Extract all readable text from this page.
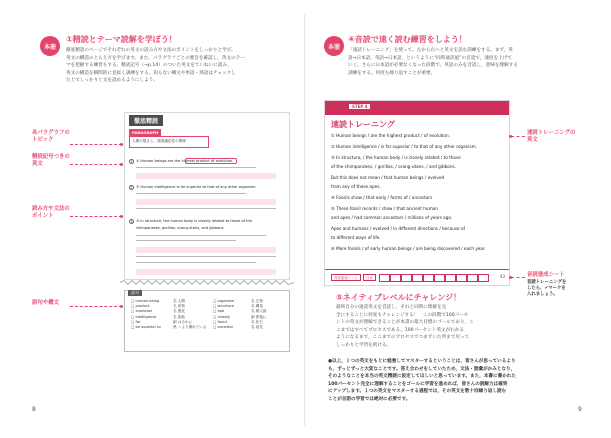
本冊
①精読とテーマ読解を学ぼう！
徹底精読のページでそれぞれの英文の読み方や文法のポイントをしっかりと学び,
英文の構造のとらえ方を学びます。また，パラグラフごとの要旨を確認し，英文のテー
マを把握する練習もする。精読記号（→p.14）のついた英文をていねいに読み，
英文の構造を瞬間的に見抜く訓練をする。知らない構文や単語・熟語はチェックし
た上でしっかりと文を読めるようにしよう。
各パラグラフの
トピック
精読記号つきの
英文
読み方や文法の
ポイント
語句や構文
徹底精読
PARAGRAPH
人間の強さと，環境適応性の関係
1 ① Human beings are the highest product of evolution.
2 ② Human intelligence is far superior to that of any other organism.
3 ③ In structure, the human body is closely related to those of the
chimpanzees, gorillas, orang-utans, and gibbons.
語句
□ human being
□ product
□ evolution
□ intelligence
□ far
□ be superior to
名 人間
名 産物
名 進化
名 知能
副 はるかに
熟 ～より優れている
□ organism
□ structure
□ ape
□ closely
□ fossil
□ ancestor
名 生物
名 構造
名 類人猿
副 密接に
名 化石
名 祖先
8
本冊
④音読で速く読む練習をしよう！
「速読トレーニング」を使って，左から右へと英文を読む訓練をする。まず，英
語→日本語，英語→日本語，というように“同時通訳風”の音読で，速度を上げて
いく。さらに日本語が必要なくなった段階で，英語のみを音読し，意味を理解する
訓練をする。何度も繰り返すことが重要。
STEP 4
速読トレーニング
① Human beings / are the highest product / of evolution.
② Human intelligence / is far superior / to that of any other organism.
③ In structure, / the human body / is closely related / to those
of the chimpanzees, / gorillas, / orang-utans, / and gibbons.
But this does not mean / that human beings / evolved
from any of these apes.
④ Fossils show / that early / forms of / ancestors
⑤ These fossil records / show / that ancient human
and apes / had common ancestors / millions of years ago.
Apes and humans / evolved / in different directions / because of
to different ways of life.
⑥ More fossils / of early human beings / are being discovered / each year.
音読達成シート	日付	43
速読トレーニングの
英文
音読達成シート
音読トレーニングを
したら，✔マークを
入れましょう。
⑤ネイティブレベルにチャレンジ！
最終自分の速読英文を音読し，それと同時に理解を完
全にすることに何度もチャレンジする！　この段階で100パーセ
ントの英文が理解できることが本書の最大目標のゴールであり，こ
こまではすべてプロセスである。100パーセント英文がわかる
ようになるまで，ここまでのプロセスでつまずいた所まで戻って
しっかりと学習を続ける。
●以上，１つの英文をもとに勉強してマスターするということは，皆さんが思っているより
も，ずっとずっと大変なことです。答え合わせをしていたため，文法・語彙がかみとなり，
そのようなことを本当の英文精読に設定してほしいと思っています。また，本書に書かれた
100パーセント完全に理解することをゴールに学習を進めれば，皆さんの読解力は確実
にアップします。１つの英文をマスターする過程では，その英文を数十回繰り返し読む
ことが言語の学習では絶対に必要です。
9
